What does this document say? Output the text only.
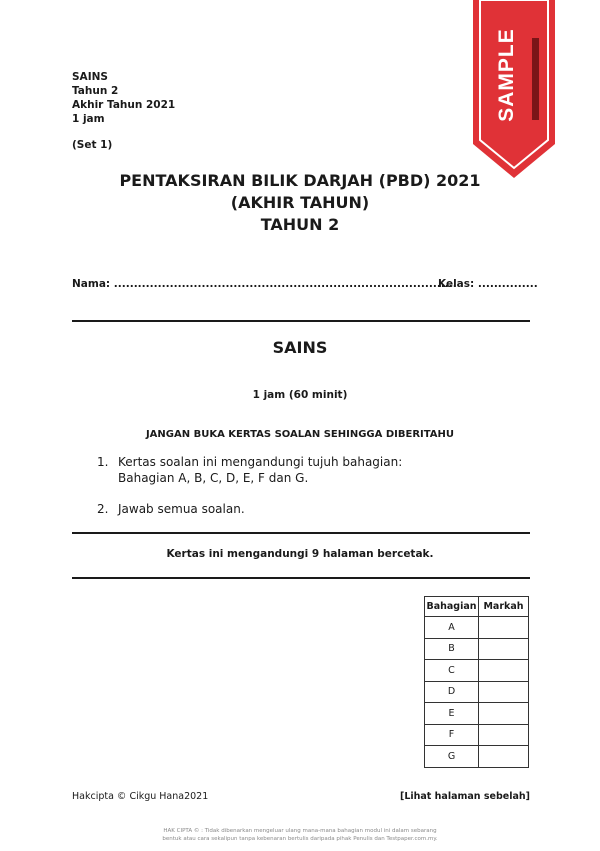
SAMPLE
SAINS
Tahun 2
Akhir Tahun 2021
1 jam
(Set 1)
PENTAKSIRAN BILIK DARJAH (PBD) 2021
(AKHIR TAHUN)
TAHUN 2
Nama: ......................................................................................
Kelas: ...............
SAINS
1 jam (60 minit)
JANGAN BUKA KERTAS SOALAN SEHINGGA DIBERITAHU
1. Kertas soalan ini mengandungi tujuh bahagian:
Bahagian A, B, C, D, E, F dan G.
2. Jawab semua soalan.
Kertas ini mengandungi 9 halaman bercetak.
Bahagian	Markah
A	
B	
C	
D	
E	
F	
G	
Hakcipta © Cikgu Hana2021	[Lihat halaman sebelah]
HAK CIPTA © : Tidak dibenarkan mengeluar ulang mana-mana bahagian modul ini dalam sebarang
bentuk atau cara sekalipun tanpa kebenaran bertulis daripada pihak Penulis dan Testpaper.com.my.
